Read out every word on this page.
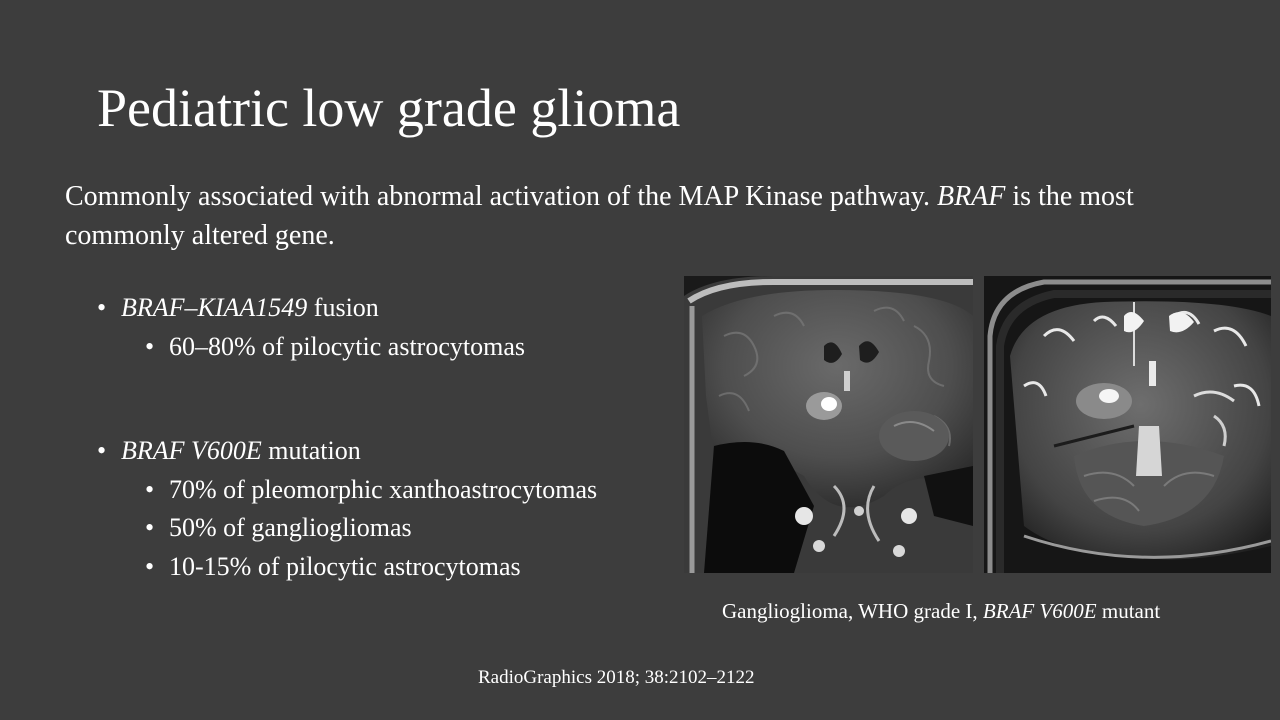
Pediatric low grade glioma

Commonly associated with abnormal activation of the MAP Kinase pathway. BRAF is the most commonly altered gene.

• BRAF–KIAA1549 fusion
• 60–80% of pilocytic astrocytomas
• BRAF V600E mutation
• 70% of pleomorphic xanthoastrocytomas
• 50% of gangliogliomas
• 10-15% of pilocytic astrocytomas
Ganglioglioma, WHO grade I, BRAF V600E mutant
RadioGraphics 2018; 38:2102–2122
